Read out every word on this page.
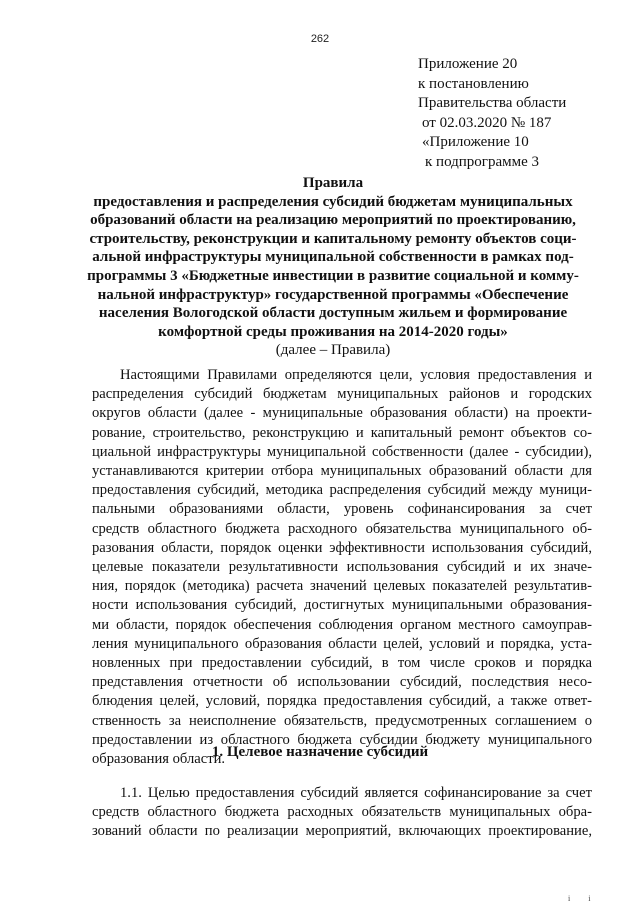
262
Приложение 20
к постановлению
Правительства области
от 02.03.2020 № 187
«Приложение 10
к подпрограмме 3
Правила
предоставления и распределения субсидий бюджетам муниципальных
образований области на реализацию мероприятий по проектированию,
строительству, реконструкции и капитальному ремонту объектов соци-
альной инфраструктуры муниципальной собственности в рамках под-
программы 3 «Бюджетные инвестиции в развитие социальной и комму-
нальной инфраструктур» государственной программы «Обеспечение
населения Вологодской области доступным жильем и формирование
комфортной среды проживания на 2014-2020 годы»
(далее – Правила)
Настоящими Правилами определяются цели, условия предоставления и
распределения субсидий бюджетам муниципальных районов и городских
округов области (далее - муниципальные образования области) на проекти-
рование, строительство, реконструкцию и капитальный ремонт объектов со-
циальной инфраструктуры муниципальной собственности (далее - субсидии),
устанавливаются критерии отбора муниципальных образований области для
предоставления субсидий, методика распределения субсидий между муници-
пальными образованиями области, уровень софинансирования за счет
средств областного бюджета расходного обязательства муниципального об-
разования области, порядок оценки эффективности использования субсидий,
целевые показатели результативности использования субсидий и их значе-
ния, порядок (методика) расчета значений целевых показателей результатив-
ности использования субсидий, достигнутых муниципальными образования-
ми области, порядок обеспечения соблюдения органом местного самоуправ-
ления муниципального образования области целей, условий и порядка, уста-
новленных при предоставлении субсидий, в том числе сроков и порядка
представления отчетности об использовании субсидий, последствия несо-
блюдения целей, условий, порядка предоставления субсидий, а также ответ-
ственность за неисполнение обязательств, предусмотренных соглашением о
предоставлении из областного бюджета субсидии бюджету муниципального
образования области.
1. Целевое назначение субсидий
1.1. Целью предоставления субсидий является софинансирование за счет
средств областного бюджета расходных обязательств муниципальных обра-
зований области по реализации мероприятий, включающих проектирование,
i i
